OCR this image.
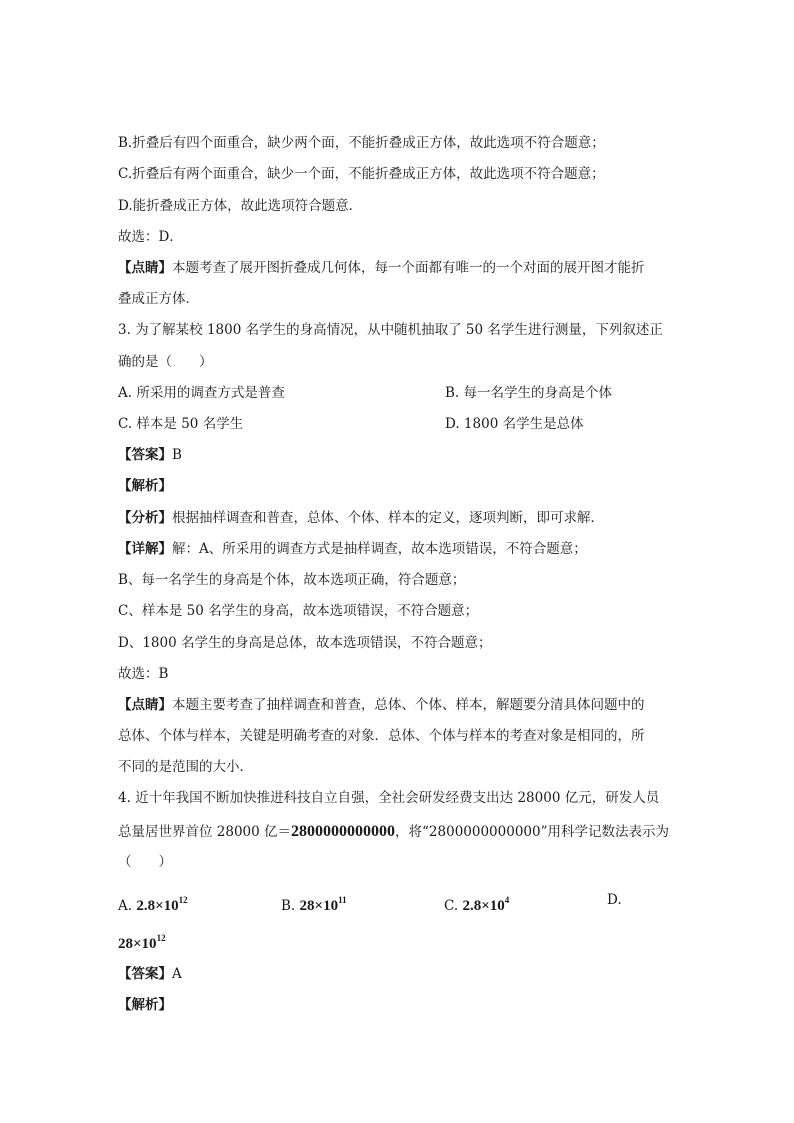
B.折叠后有四个面重合，缺少两个面，不能折叠成正方体，故此选项不符合题意；
C.折叠后有两个面重合，缺少一个面，不能折叠成正方体，故此选项不符合题意；
D.能折叠成正方体，故此选项符合题意．
故选：D．
【点睛】本题考查了展开图折叠成几何体，每一个面都有唯一的一个对面的展开图才能折
叠成正方体．
3. 为了解某校 1800 名学生的身高情况，从中随机抽取了 50 名学生进行测量，下列叙述正
确的是（　　）
A. 所采用的调查方式是普查	B. 每一名学生的身高是个体
C. 样本是 50 名学生	D. 1800 名学生是总体
【答案】B
【解析】
【分析】根据抽样调查和普查，总体、个体、样本的定义，逐项判断，即可求解．
【详解】解：A、所采用的调查方式是抽样调查，故本选项错误，不符合题意；
B、每一名学生的身高是个体，故本选项正确，符合题意；
C、样本是 50 名学生的身高，故本选项错误，不符合题意；
D、1800 名学生的身高是总体，故本选项错误，不符合题意；
故选：B
【点睛】本题主要考查了抽样调查和普查，总体、个体、样本，解题要分清具体问题中的
总体、个体与样本，关键是明确考查的对象．总体、个体与样本的考查对象是相同的，所
不同的是范围的大小．
4. 近十年我国不断加快推进科技自立自强，全社会研发经费支出达 28000 亿元，研发人员
总量居世界首位 28000 亿＝2800000000000，将“2800000000000”用科学记数法表示为
（　　）
A. $2.8\times 10^{12}$	B. $28\times 10^{11}$	C. $2.8\times 10^4$	D.
$28\times 10^{12}$
【答案】A
【解析】
